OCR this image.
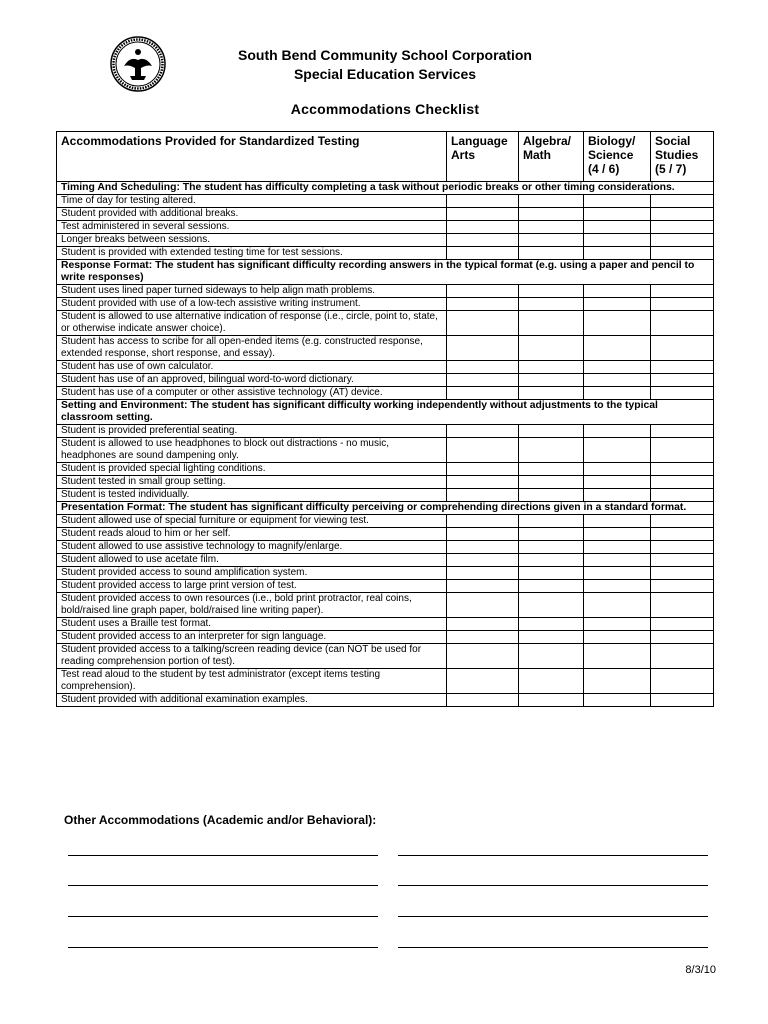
South Bend Community School Corporation
Special Education Services
Accommodations Checklist
Accommodations Provided for Standardized Testing	Language Arts	Algebra/ Math	Biology/ Science (4 / 6)	Social Studies (5 / 7)
Timing And Scheduling: The student has difficulty completing a task without periodic breaks or other timing considerations.				
Time of day for testing altered.				
Student provided with additional breaks.				
Test administered in several sessions.				
Longer breaks between sessions.				
Student is provided with extended testing time for test sessions.				
Response Format: The student has significant difficulty recording answers in the typical format (e.g. using a paper and pencil to write responses)				
Student uses lined paper turned sideways to help align math problems.				
Student provided with use of a low-tech assistive writing instrument.				
Student is allowed to use alternative indication of response (i.e., circle, point to, state, or otherwise indicate answer choice).				
Student has access to scribe for all open-ended items (e.g. constructed response, extended response, short response, and essay).				
Student has use of own calculator.				
Student has use of an approved, bilingual word-to-word dictionary.				
Student has use of a computer or other assistive technology (AT) device.				
Setting and Environment: The student has significant difficulty working independently without adjustments to the typical classroom setting.				
Student is provided preferential seating.				
Student is allowed to use headphones to block out distractions - no music, headphones are sound dampening only.				
Student is provided special lighting conditions.				
Student tested in small group setting.				
Student is tested individually.				
Presentation Format: The student has significant difficulty perceiving or comprehending directions given in a standard format.				
Student allowed use of special furniture or equipment for viewing test.				
Student reads aloud to him or her self.				
Student allowed to use assistive technology to magnify/enlarge.				
Student allowed to use acetate film.				
Student provided access to sound amplification system.				
Student provided access to large print version of test.				
Student provided access to own resources (i.e., bold print protractor, real coins, bold/raised line graph paper, bold/raised line writing paper).				
Student uses a Braille test format.				
Student provided access to an interpreter for sign language.				
Student provided access to a talking/screen reading device (can NOT be used for reading comprehension portion of test).				
Test read aloud to the student by test administrator (except items testing comprehension).				
Student provided with additional examination examples.				
Other Accommodations (Academic and/or Behavioral):
8/3/10
